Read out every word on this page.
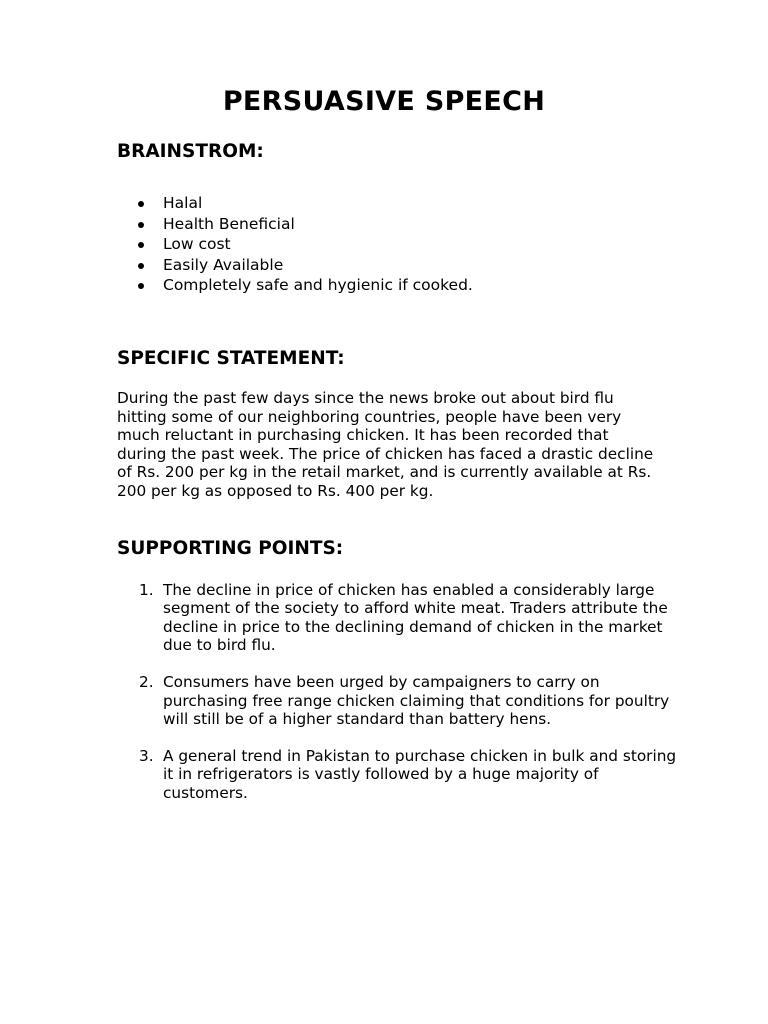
PERSUASIVE SPEECH
BRAINSTROM:
Halal
Health Beneficial
Low cost
Easily Available
Completely safe and hygienic if cooked.
SPECIFIC STATEMENT:

During the past few days since the news broke out about bird flu hitting some of our neighboring countries, people have been very much reluctant in purchasing chicken. It has been recorded that during the past week. The price of chicken has faced a drastic decline of Rs. 200 per kg in the retail market, and is currently available at Rs. 200 per kg as opposed to Rs. 400 per kg.

SUPPORTING POINTS:
1. The decline in price of chicken has enabled a considerably large segment of the society to afford white meat. Traders attribute the decline in price to the declining demand of chicken in the market due to bird flu.
2. Consumers have been urged by campaigners to carry on purchasing free range chicken claiming that conditions for poultry will still be of a higher standard than battery hens.
3. A general trend in Pakistan to purchase chicken in bulk and storing it in refrigerators is vastly followed by a huge majority of customers.
